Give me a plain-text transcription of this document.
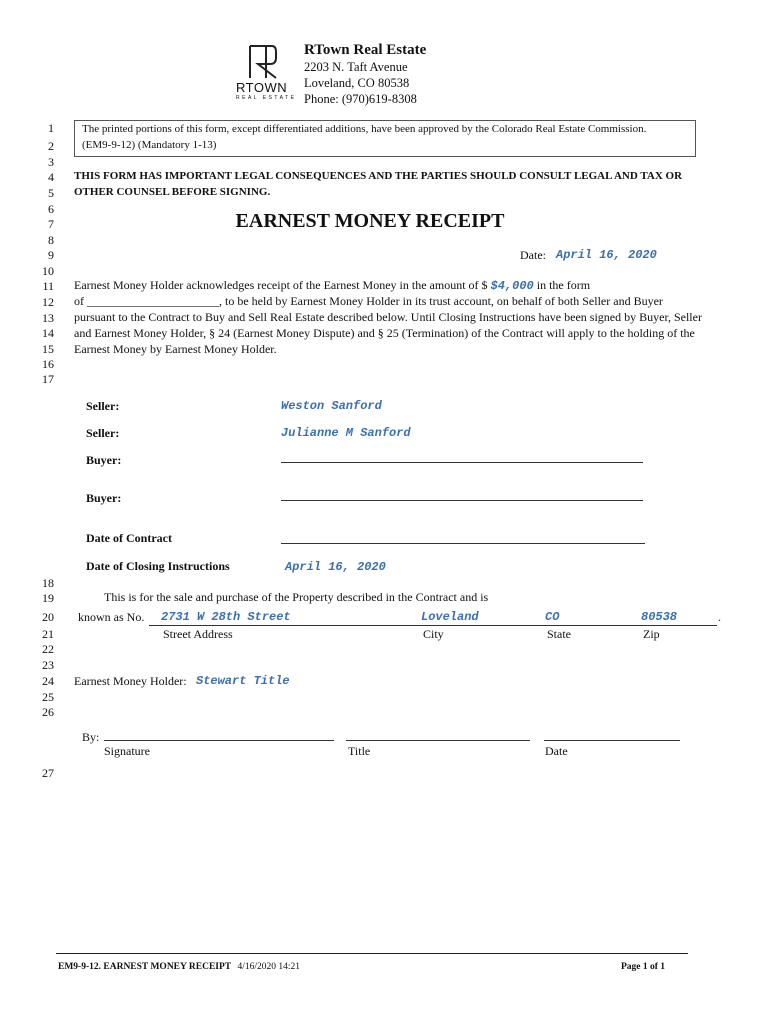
RTOWN
REAL ESTATE
RTown Real Estate
2203 N. Taft Avenue
Loveland, CO 80538
Phone: (970)619-8308
1
2
3
4
5
6
7
8
9
10
11
12
13
14
15
16
17
18
19
20
21
22
23
24
25
26
27
The printed portions of this form, except differentiated additions, have been approved by the Colorado Real Estate Commission.
(EM9-9-12) (Mandatory 1-13)
THIS FORM HAS IMPORTANT LEGAL CONSEQUENCES AND THE PARTIES SHOULD CONSULT LEGAL AND TAX OR
OTHER COUNSEL BEFORE SIGNING.
EARNEST MONEY RECEIPT
Date: April 16, 2020
Earnest Money Holder acknowledges receipt of the Earnest Money in the amount of $ $4,000 in the form
of ______________________, to be held by Earnest Money Holder in its trust account, on behalf of both Seller and Buyer
pursuant to the Contract to Buy and Sell Real Estate described below. Until Closing Instructions have been signed by Buyer, Seller
and Earnest Money Holder, § 24 (Earnest Money Dispute) and § 25 (Termination) of the Contract will apply to the holding of the
Earnest Money by Earnest Money Holder.
Seller:	Weston Sanford
Seller:	Julianne M Sanford
Buyer:
Buyer:
Date of Contract
Date of Closing Instructions	April 16, 2020
This is for the sale and purchase of the Property described in the Contract and is
known as No.	.
2731 W 28th Street	Loveland	CO	80538
Street Address	City	State	Zip
Earnest Money Holder: Stewart Title
By:
Signature	Title	Date
EM9-9-12. EARNEST MONEY RECEIPT 4/16/2020 14:21	Page 1 of 1
